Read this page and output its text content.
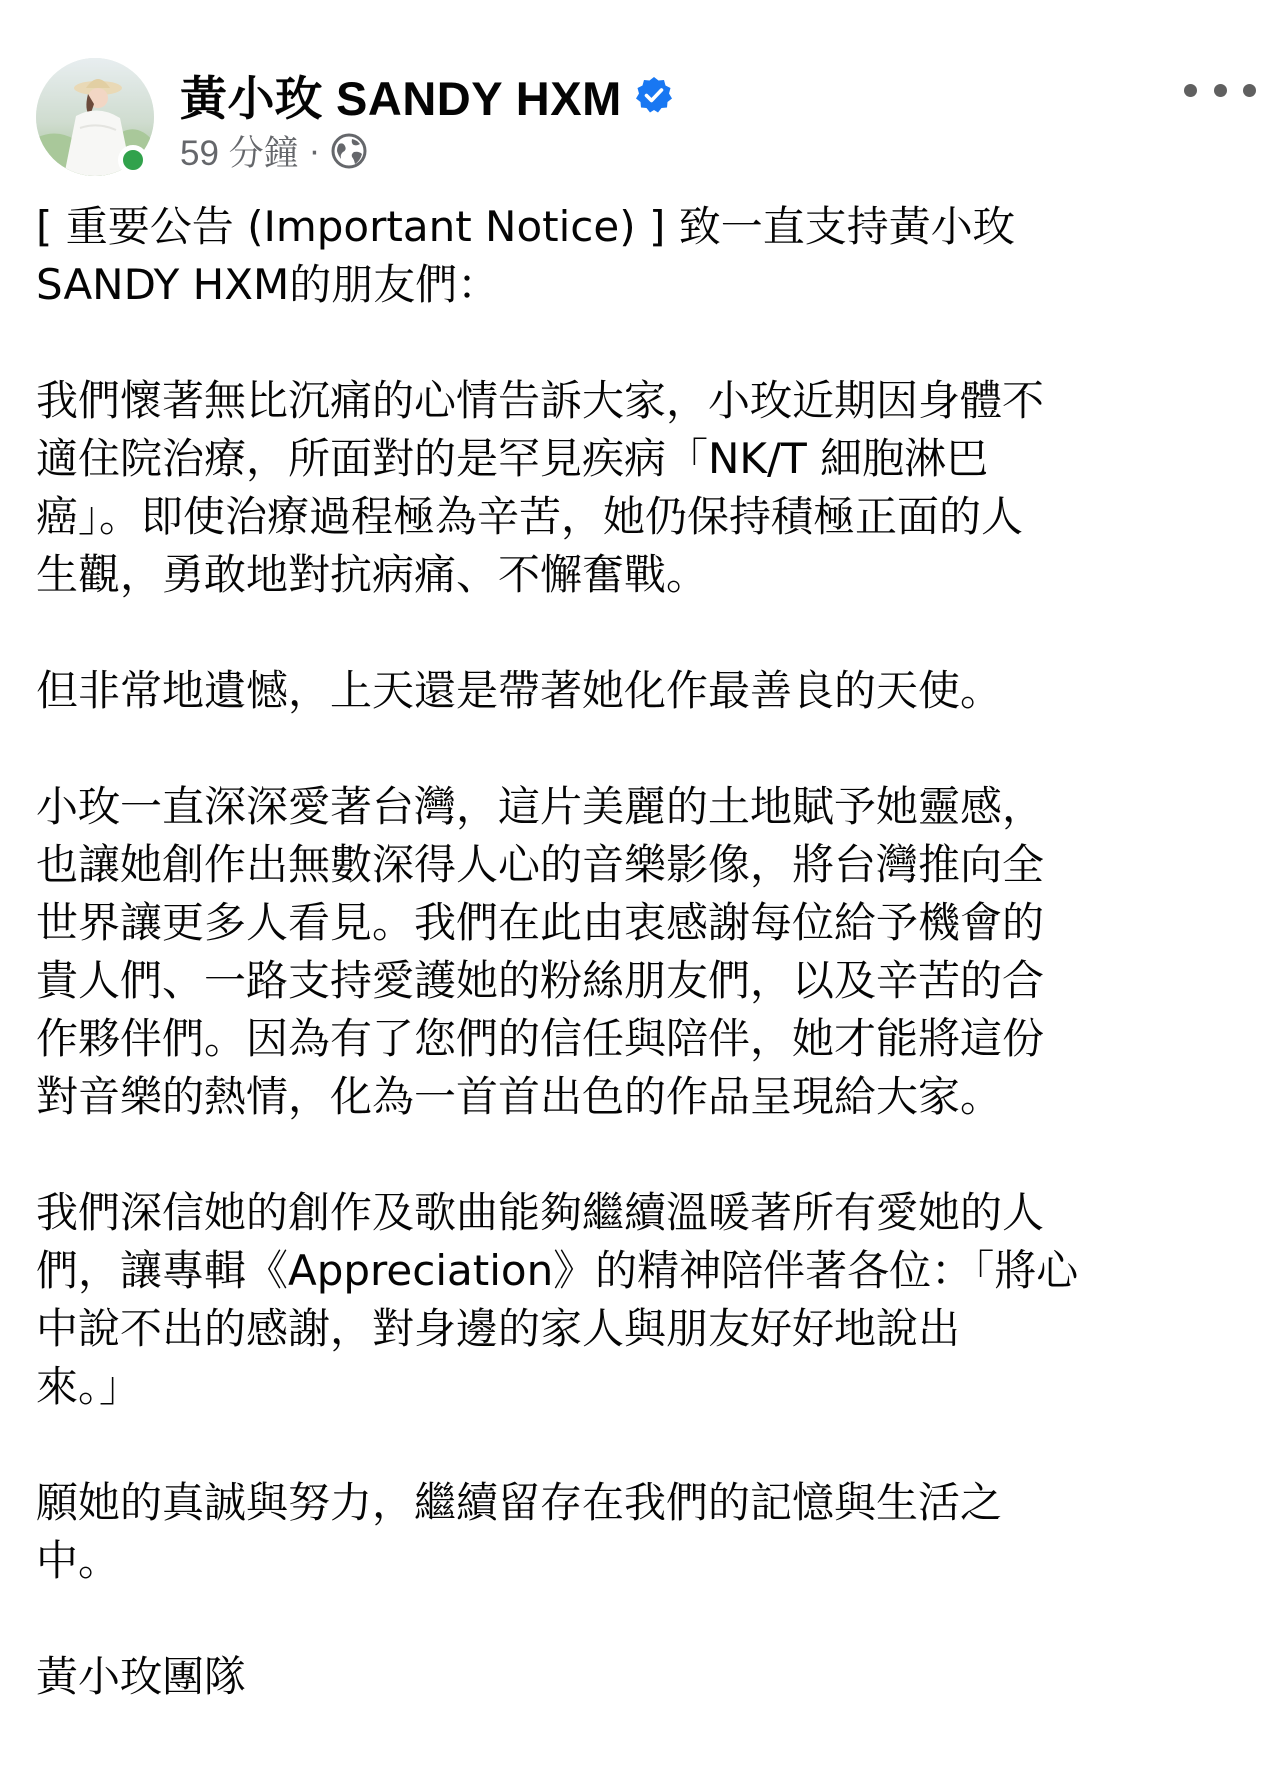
黃小玫 SANDY HXM
59 分鐘 ·

[ 重要公告 (Important Notice) ] 致一直支持黃小玫
SANDY HXM的朋友們：

我們懷著無比沉痛的心情告訴大家，小玫近期因身體不
適住院治療，所面對的是罕見疾病「NK/T 細胞淋巴
癌」。即使治療過程極為辛苦，她仍保持積極正面的人
生觀，勇敢地對抗病痛、不懈奮戰。

但非常地遺憾，上天還是帶著她化作最善良的天使。

小玫一直深深愛著台灣，這片美麗的土地賦予她靈感，
也讓她創作出無數深得人心的音樂影像，將台灣推向全
世界讓更多人看見。我們在此由衷感謝每位給予機會的
貴人們、一路支持愛護她的粉絲朋友們，以及辛苦的合
作夥伴們。因為有了您們的信任與陪伴，她才能將這份
對音樂的熱情，化為一首首出色的作品呈現給大家。

我們深信她的創作及歌曲能夠繼續溫暖著所有愛她的人
們，讓專輯《Appreciation》的精神陪伴著各位：「將心
中說不出的感謝，對身邊的家人與朋友好好地說出
來。」

願她的真誠與努力，繼續留存在我們的記憶與生活之
中。

黃小玫團隊
